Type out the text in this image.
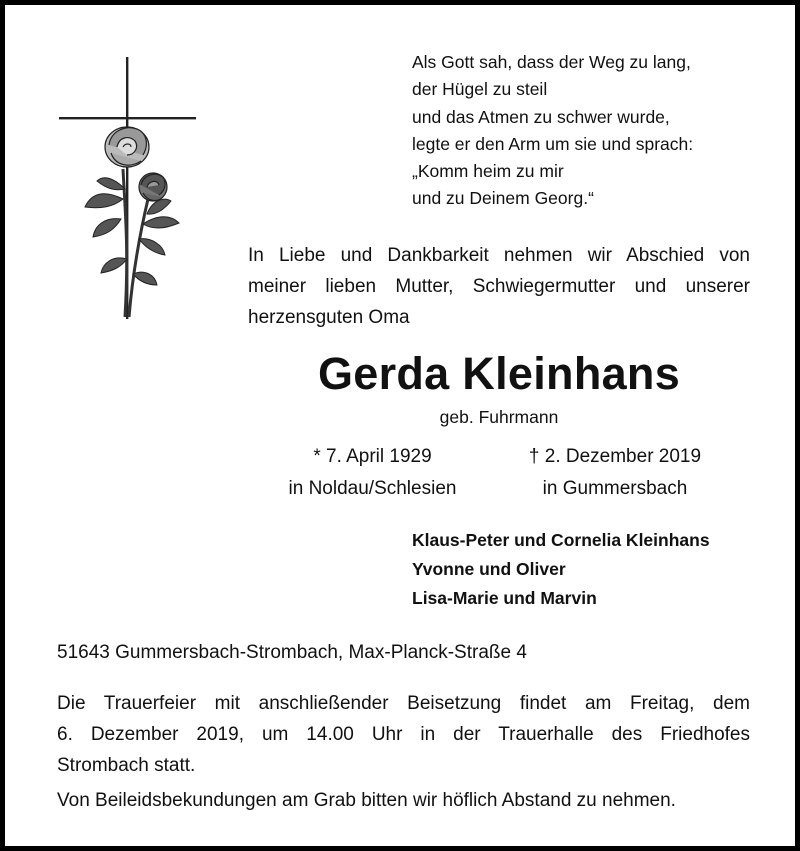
Als Gott sah, dass der Weg zu lang,
der Hügel zu steil
und das Atmen zu schwer wurde,
legte er den Arm um sie und sprach:
„Komm heim zu mir
und zu Deinem Georg.“
In Liebe und Dankbarkeit nehmen wir Abschied von
meiner lieben Mutter, Schwiegermutter und unserer
herzensguten Oma
Gerda Kleinhans
geb. Fuhrmann
* 7. April 1929
in Noldau/Schlesien
† 2. Dezember 2019
in Gummersbach
Klaus-Peter und Cornelia Kleinhans
Yvonne und Oliver
Lisa-Marie und Marvin
51643 Gummersbach-Strombach, Max-Planck-Straße 4
Die Trauerfeier mit anschließender Beisetzung findet am Freitag, dem
6. Dezember 2019, um 14.00 Uhr in der Trauerhalle des Friedhofes
Strombach statt.
Von Beileidsbekundungen am Grab bitten wir höflich Abstand zu nehmen.
